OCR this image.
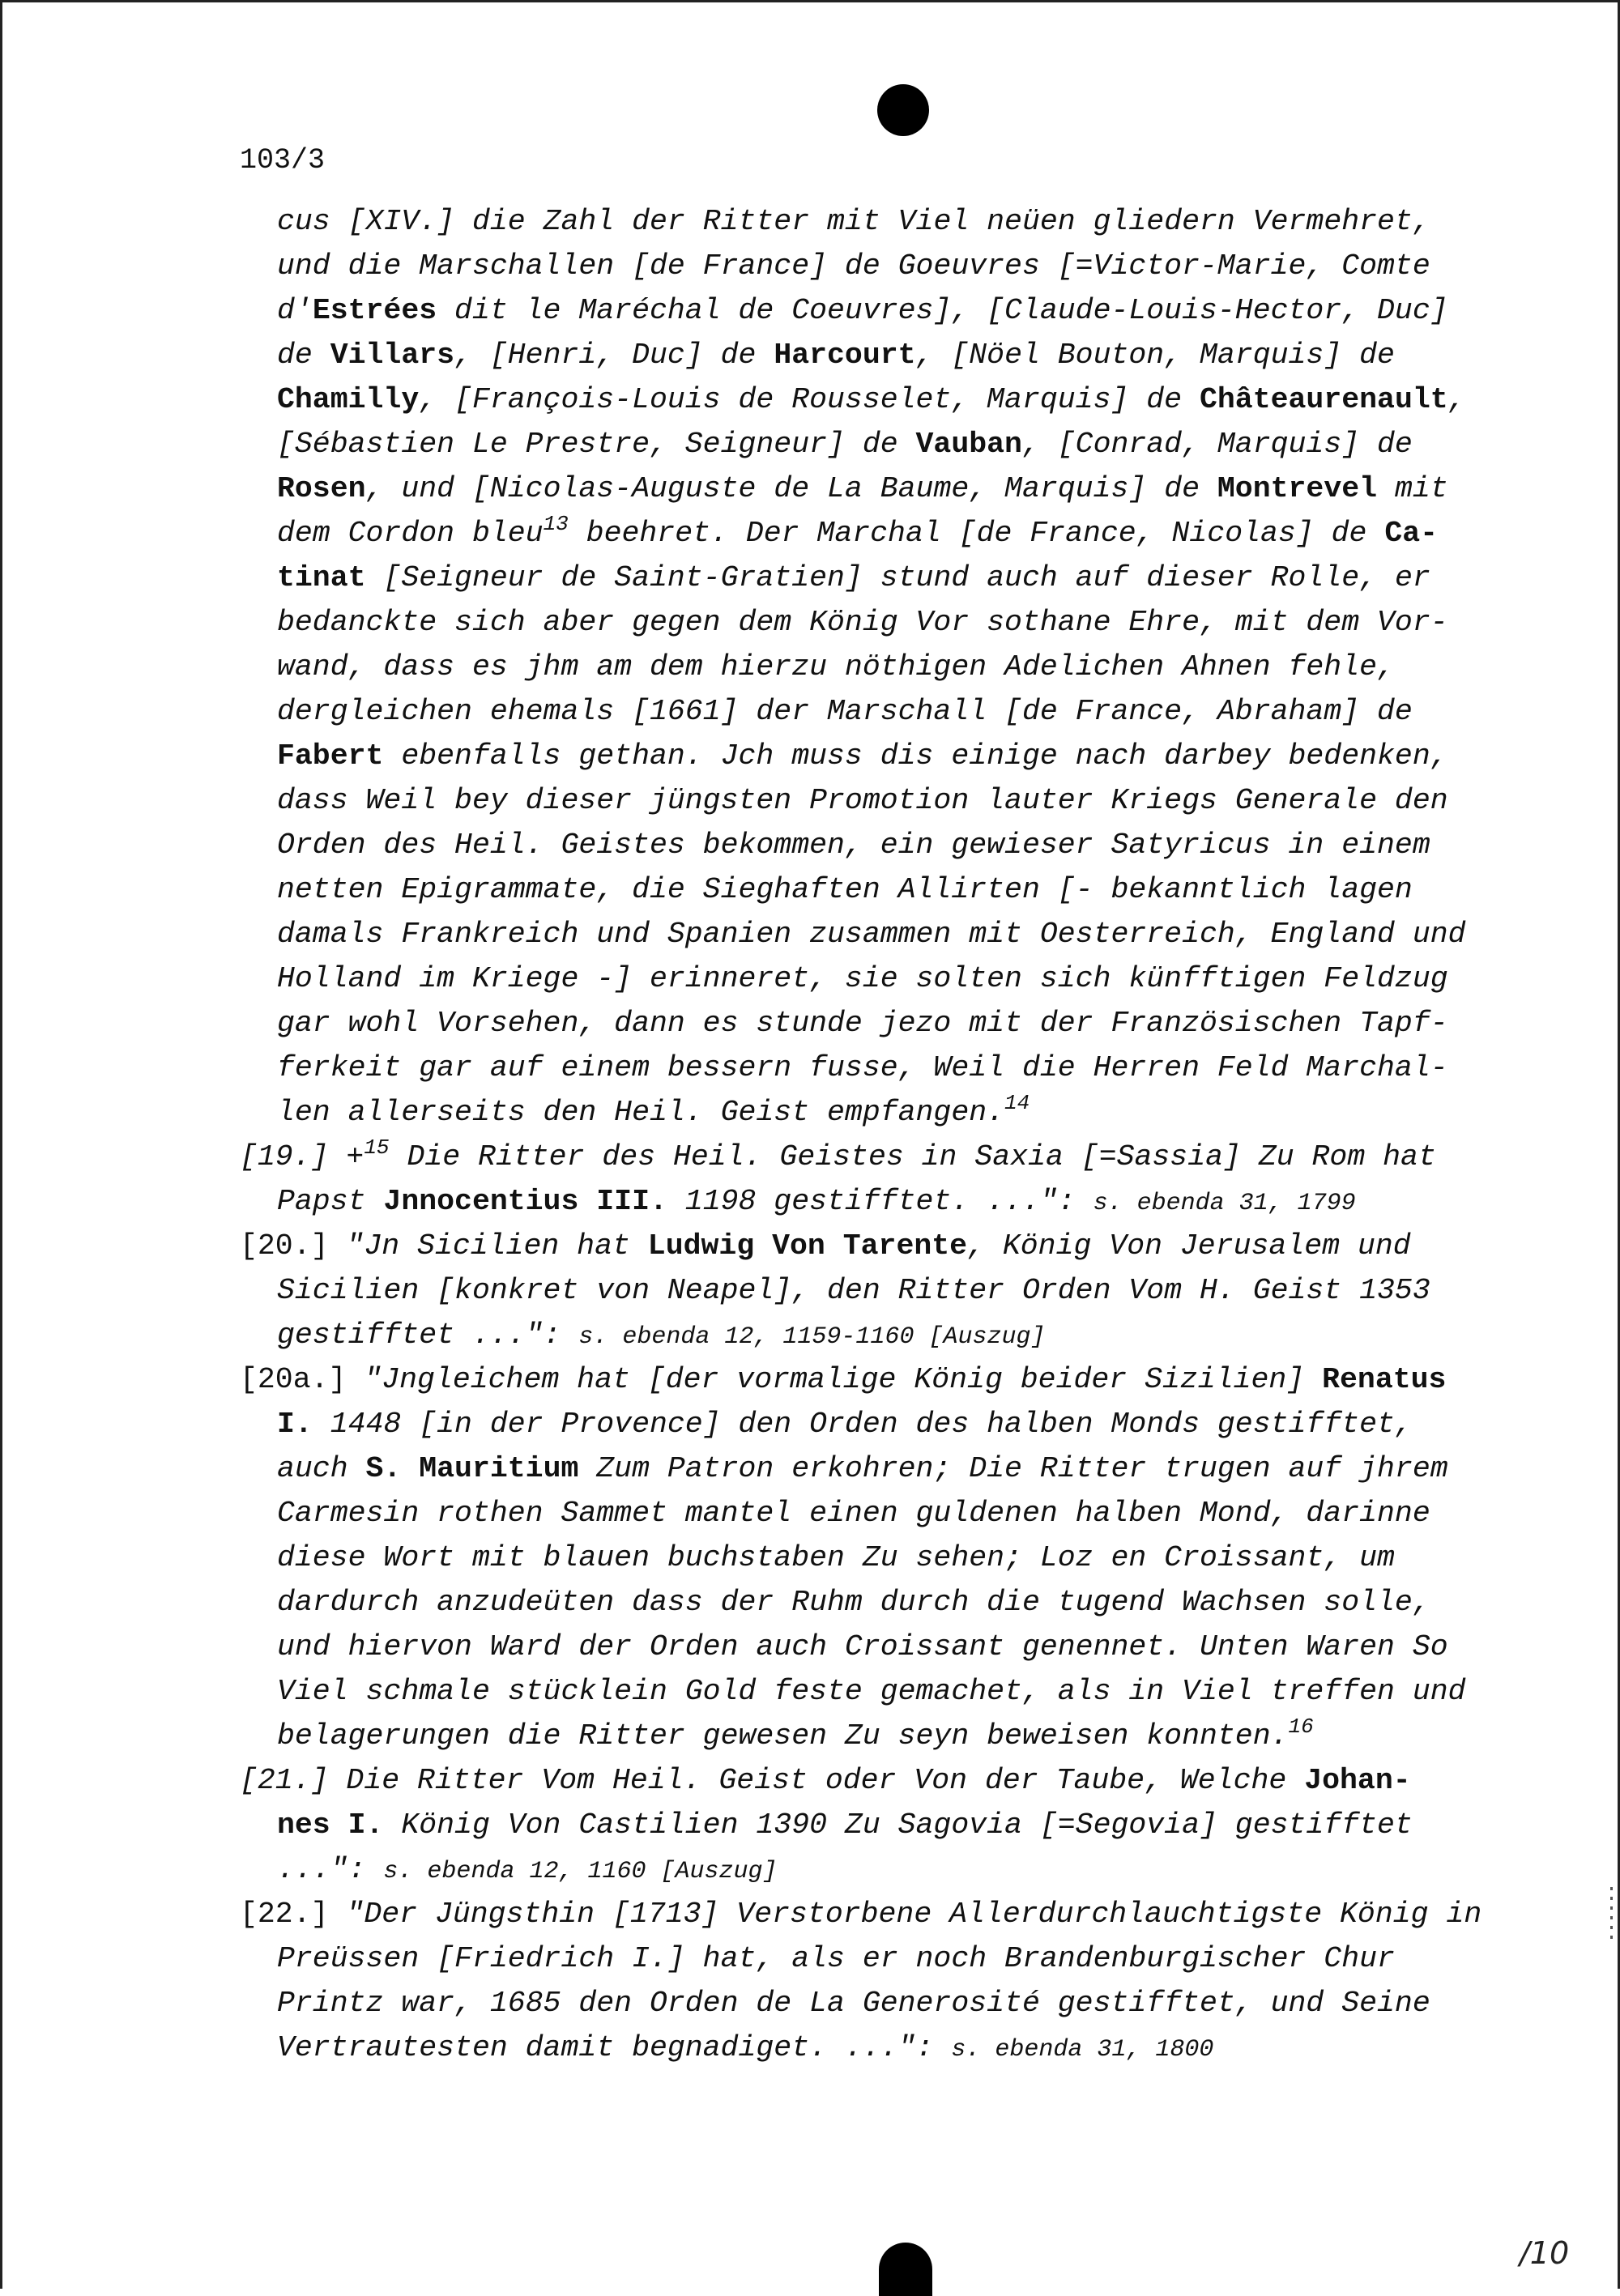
103/3
cus [XIV.] die Zahl der Ritter mit Viel neüen gliedern Vermehret,
und die Marschallen [de France] de Goeuvres [=Victor-Marie, Comte
d'Estrées dit le Maréchal de Coeuvres], [Claude-Louis-Hector, Duc]
de Villars, [Henri, Duc] de Harcourt, [Nöel Bouton, Marquis] de
Chamilly, [François-Louis de Rousselet, Marquis] de Châteaurenault,
[Sébastien Le Prestre, Seigneur] de Vauban, [Conrad, Marquis] de
Rosen, und [Nicolas-Auguste de La Baume, Marquis] de Montrevel mit
dem Cordon bleu$^{13}$ beehret. Der Marchal [de France, Nicolas] de Ca-
tinat [Seigneur de Saint-Gratien] stund auch auf dieser Rolle, er
bedanckte sich aber gegen dem König Vor sothane Ehre, mit dem Vor-
wand, dass es jhm am dem hierzu nöthigen Adelichen Ahnen fehle,
dergleichen ehemals [1661] der Marschall [de France, Abraham] de
Fabert ebenfalls gethan. Jch muss dis einige nach darbey bedenken,
dass Weil bey dieser jüngsten Promotion lauter Kriegs Generale den
Orden des Heil. Geistes bekommen, ein gewieser Satyricus in einem
netten Epigrammate, die Sieghaften Allirten [- bekanntlich lagen
damals Frankreich und Spanien zusammen mit Oesterreich, England und
Holland im Kriege -] erinneret, sie solten sich künfftigen Feldzug
gar wohl Vorsehen, dann es stunde jezo mit der Französischen Tapf-
ferkeit gar auf einem bessern fusse, Weil die Herren Feld Marchal-
len allerseits den Heil. Geist empfangen.$^{14}$
[19.] +$^{15}$ Die Ritter des Heil. Geistes in Saxia [=Sassia] Zu Rom hat
Papst Jnnocentius III. 1198 gestifftet. ...": s. ebenda 31, 1799
[20.] "Jn Sicilien hat Ludwig Von Tarente, König Von Jerusalem und
Sicilien [konkret von Neapel], den Ritter Orden Vom H. Geist 1353
gestifftet ...": s. ebenda 12, 1159-1160 [Auszug]
[20a.] "Jngleichem hat [der vormalige König beider Sizilien] Renatus
I. 1448 [in der Provence] den Orden des halben Monds gestifftet,
auch S. Mauritium Zum Patron erkohren; Die Ritter trugen auf jhrem
Carmesin rothen Sammet mantel einen guldenen halben Mond, darinne
diese Wort mit blauen buchstaben Zu sehen; Loz en Croissant, um
dardurch anzudeüten dass der Ruhm durch die tugend Wachsen solle,
und hiervon Ward der Orden auch Croissant genennet. Unten Waren So
Viel schmale stücklein Gold feste gemachet, als in Viel treffen und
belagerungen die Ritter gewesen Zu seyn beweisen konnten.$^{16}$
[21.] Die Ritter Vom Heil. Geist oder Von der Taube, Welche Johan-
nes I. König Von Castilien 1390 Zu Sagovia [=Segovia] gestifftet
...": s. ebenda 12, 1160 [Auszug]
[22.] "Der Jüngsthin [1713] Verstorbene Allerdurchlauchtigste König in
Preüssen [Friedrich I.] hat, als er noch Brandenburgischer Chur
Printz war, 1685 den Orden de La Generosité gestifftet, und Seine
Vertrautesten damit begnadiget. ...": s. ebenda 31, 1800
/10
